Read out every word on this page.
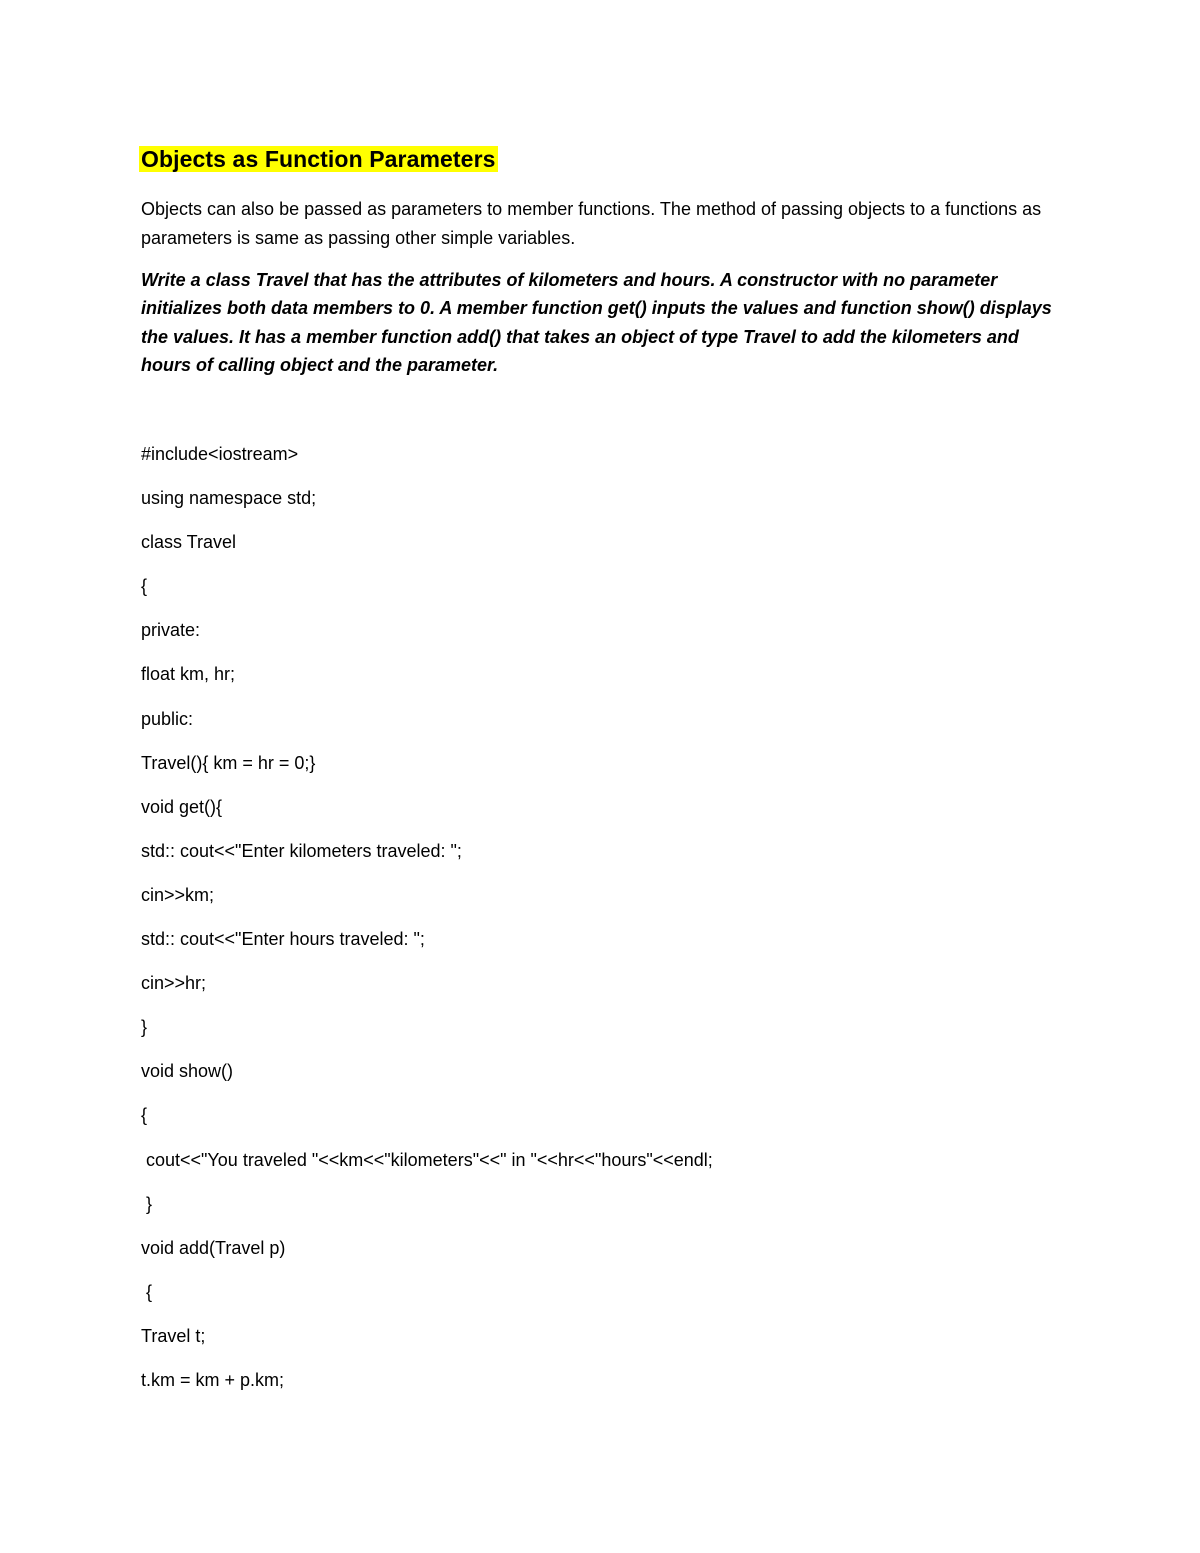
Objects as Function Parameters

Objects can also be passed as parameters to member functions. The method of passing objects to a functions as parameters is same as passing other simple variables.

Write a class Travel that has the attributes of kilometers and hours. A constructor with no parameter initializes both data members to 0. A member function get() inputs the values and function show() displays the values. It has a member function add() that takes an object of type Travel to add the kilometers and hours of calling object and the parameter.

#include<iostream>
using namespace std;
class Travel
{
private:
float km, hr;
public:
Travel(){ km = hr = 0;}
void get(){
std:: cout<<"Enter kilometers traveled: ";
cin>>km;
std:: cout<<"Enter hours traveled: ";
cin>>hr;
}
void show()
{
cout<<"You traveled "<<km<<"kilometers"<<" in "<<hr<<"hours"<<endl;
}
void add(Travel p)
{
Travel t;
t.km = km + p.km;
